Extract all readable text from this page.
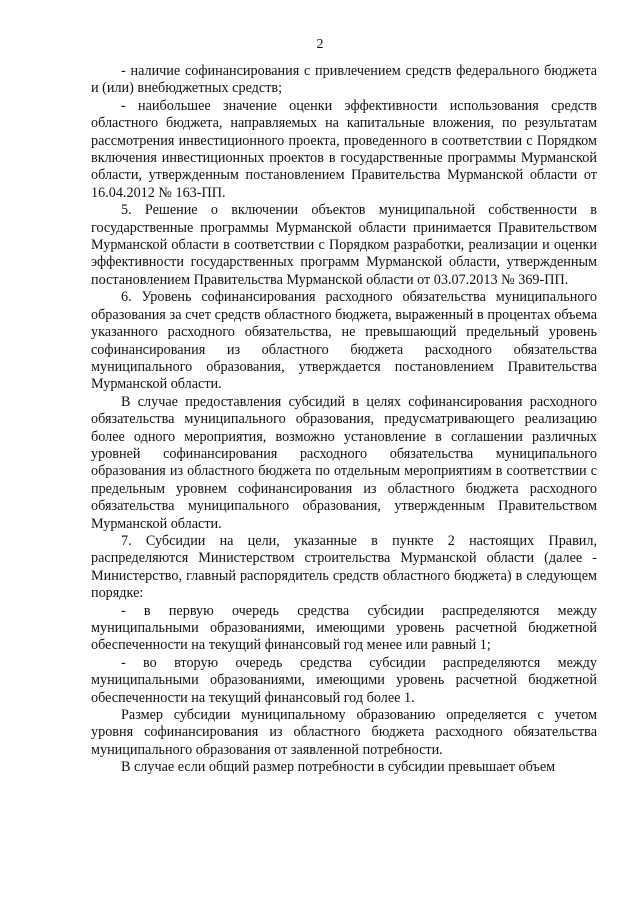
2

- наличие софинансирования с привлечением средств федерального бюджета и (или) внебюджетных средств;

- наибольшее значение оценки эффективности использования средств областного бюджета, направляемых на капитальные вложения, по результатам рассмотрения инвестиционного проекта, проведенного в соответствии с Порядком включения инвестиционных проектов в государственные программы Мурманской области, утвержденным постановлением Правительства Мурманской области от 16.04.2012 № 163-ПП.

5. Решение о включении объектов муниципальной собственности в государственные программы Мурманской области принимается Правительством Мурманской области в соответствии с Порядком разработки, реализации и оценки эффективности государственных программ Мурманской области, утвержденным постановлением Правительства Мурманской области от 03.07.2013 № 369-ПП.

6. Уровень софинансирования расходного обязательства муниципального образования за счет средств областного бюджета, выраженный в процентах объема указанного расходного обязательства, не превышающий предельный уровень софинансирования из областного бюджета расходного обязательства муниципального образования, утверждается постановлением Правительства Мурманской области.

В случае предоставления субсидий в целях софинансирования расходного обязательства муниципального образования, предусматривающего реализацию более одного мероприятия, возможно установление в соглашении различных уровней софинансирования расходного обязательства муниципального образования из областного бюджета по отдельным мероприятиям в соответствии с предельным уровнем софинансирования из областного бюджета расходного обязательства муниципального образования, утвержденным Правительством Мурманской области.

7. Субсидии на цели, указанные в пункте 2 настоящих Правил, распределяются Министерством строительства Мурманской области (далее - Министерство, главный распорядитель средств областного бюджета) в следующем порядке:

- в первую очередь средства субсидии распределяются между муниципальными образованиями, имеющими уровень расчетной бюджетной обеспеченности на текущий финансовый год менее или равный 1;

- во вторую очередь средства субсидии распределяются между муниципальными образованиями, имеющими уровень расчетной бюджетной обеспеченности на текущий финансовый год более 1.

Размер субсидии муниципальному образованию определяется с учетом уровня софинансирования из областного бюджета расходного обязательства муниципального образования от заявленной потребности.

В случае если общий размер потребности в субсидии превышает объем
